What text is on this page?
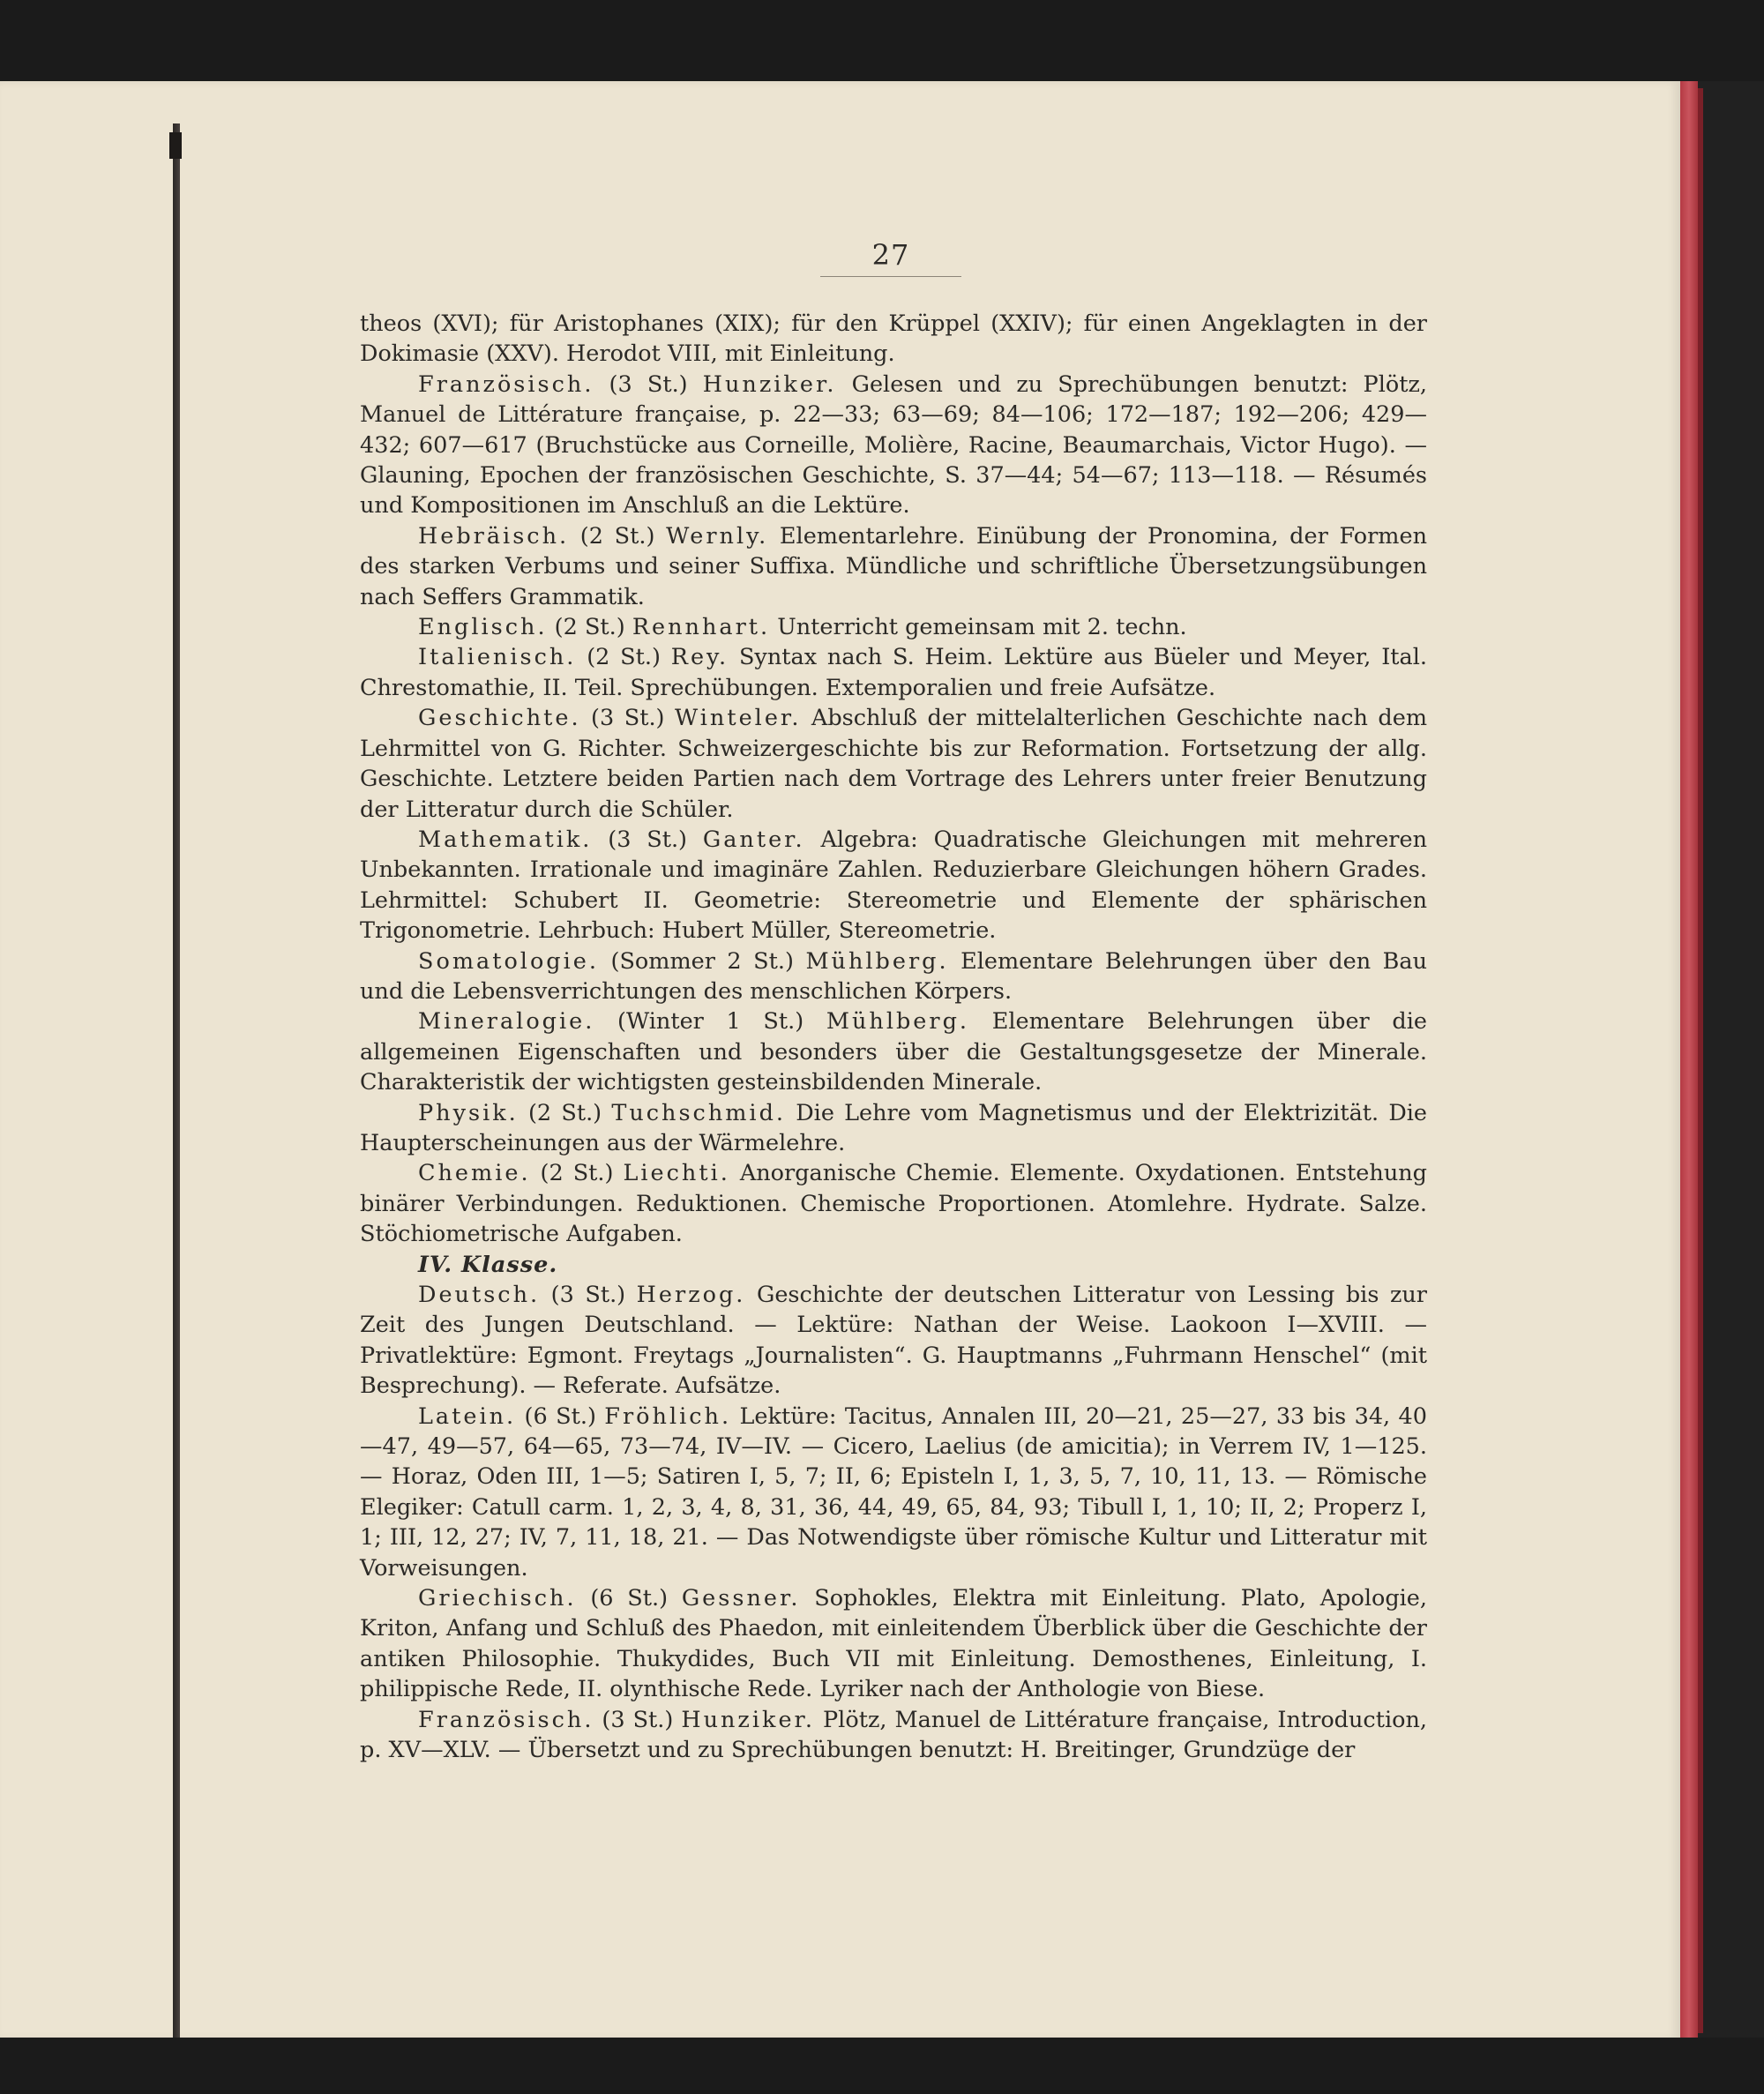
27

theos (XVI); für Aristophanes (XIX); für den Krüppel (XXIV); für einen Angeklagten in der Dokimasie (XXV). Herodot VIII, mit Einleitung.

Französisch. (3 St.) Hunziker. Gelesen und zu Sprechübungen benutzt: Plötz, Manuel de Littérature française, p. 22—33; 63—69; 84—106; 172—187; 192—206; 429—432; 607—617 (Bruchstücke aus Corneille, Molière, Racine, Beaumarchais, Victor Hugo). — Glauning, Epochen der französischen Geschichte, S. 37—44; 54—67; 113—118. — Résumés und Kompositionen im Anschluß an die Lektüre.

Hebräisch. (2 St.) Wernly. Elementarlehre. Einübung der Pronomina, der Formen des starken Verbums und seiner Suffixa. Mündliche und schriftliche Übersetzungsübungen nach Seffers Grammatik.

Englisch. (2 St.) Rennhart. Unterricht gemeinsam mit 2. techn.

Italienisch. (2 St.) Rey. Syntax nach S. Heim. Lektüre aus Büeler und Meyer, Ital. Chrestomathie, II. Teil. Sprechübungen. Extemporalien und freie Aufsätze.

Geschichte. (3 St.) Winteler. Abschluß der mittelalterlichen Geschichte nach dem Lehrmittel von G. Richter. Schweizergeschichte bis zur Reformation. Fortsetzung der allg. Geschichte. Letztere beiden Partien nach dem Vortrage des Lehrers unter freier Benutzung der Litteratur durch die Schüler.

Mathematik. (3 St.) Ganter. Algebra: Quadratische Gleichungen mit mehreren Unbekannten. Irrationale und imaginäre Zahlen. Reduzierbare Gleichungen höhern Grades. Lehrmittel: Schubert II. Geometrie: Stereometrie und Elemente der sphärischen Trigonometrie. Lehrbuch: Hubert Müller, Stereometrie.

Somatologie. (Sommer 2 St.) Mühlberg. Elementare Belehrungen über den Bau und die Lebensverrichtungen des menschlichen Körpers.

Mineralogie. (Winter 1 St.) Mühlberg. Elementare Belehrungen über die allgemeinen Eigenschaften und besonders über die Gestaltungsgesetze der Minerale. Charakteristik der wichtigsten gesteinsbildenden Minerale.

Physik. (2 St.) Tuchschmid. Die Lehre vom Magnetismus und der Elektrizität. Die Haupterscheinungen aus der Wärmelehre.

Chemie. (2 St.) Liechti. Anorganische Chemie. Elemente. Oxydationen. Entstehung binärer Verbindungen. Reduktionen. Chemische Proportionen. Atomlehre. Hydrate. Salze. Stöchiometrische Aufgaben.

IV. Klasse.

Deutsch. (3 St.) Herzog. Geschichte der deutschen Litteratur von Lessing bis zur Zeit des Jungen Deutschland. — Lektüre: Nathan der Weise. Laokoon I—XVIII. — Privatlektüre: Egmont. Freytags „Journalisten“. G. Hauptmanns „Fuhrmann Henschel“ (mit Besprechung). — Referate. Aufsätze.

Latein. (6 St.) Fröhlich. Lektüre: Tacitus, Annalen III, 20—21, 25—27, 33 bis 34, 40—47, 49—57, 64—65, 73—74, IV—IV. — Cicero, Laelius (de amicitia); in Verrem IV, 1—125. — Horaz, Oden III, 1—5; Satiren I, 5, 7; II, 6; Episteln I, 1, 3, 5, 7, 10, 11, 13. — Römische Elegiker: Catull carm. 1, 2, 3, 4, 8, 31, 36, 44, 49, 65, 84, 93; Tibull I, 1, 10; II, 2; Properz I, 1; III, 12, 27; IV, 7, 11, 18, 21. — Das Notwendigste über römische Kultur und Litteratur mit Vorweisungen.

Griechisch. (6 St.) Gessner. Sophokles, Elektra mit Einleitung. Plato, Apologie, Kriton, Anfang und Schluß des Phaedon, mit einleitendem Überblick über die Geschichte der antiken Philosophie. Thukydides, Buch VII mit Einleitung. Demosthenes, Einleitung, I. philippische Rede, II. olynthische Rede. Lyriker nach der Anthologie von Biese.

Französisch. (3 St.) Hunziker. Plötz, Manuel de Littérature française, Introduction, p. XV—XLV. — Übersetzt und zu Sprechübungen benutzt: H. Breitinger, Grundzüge der
